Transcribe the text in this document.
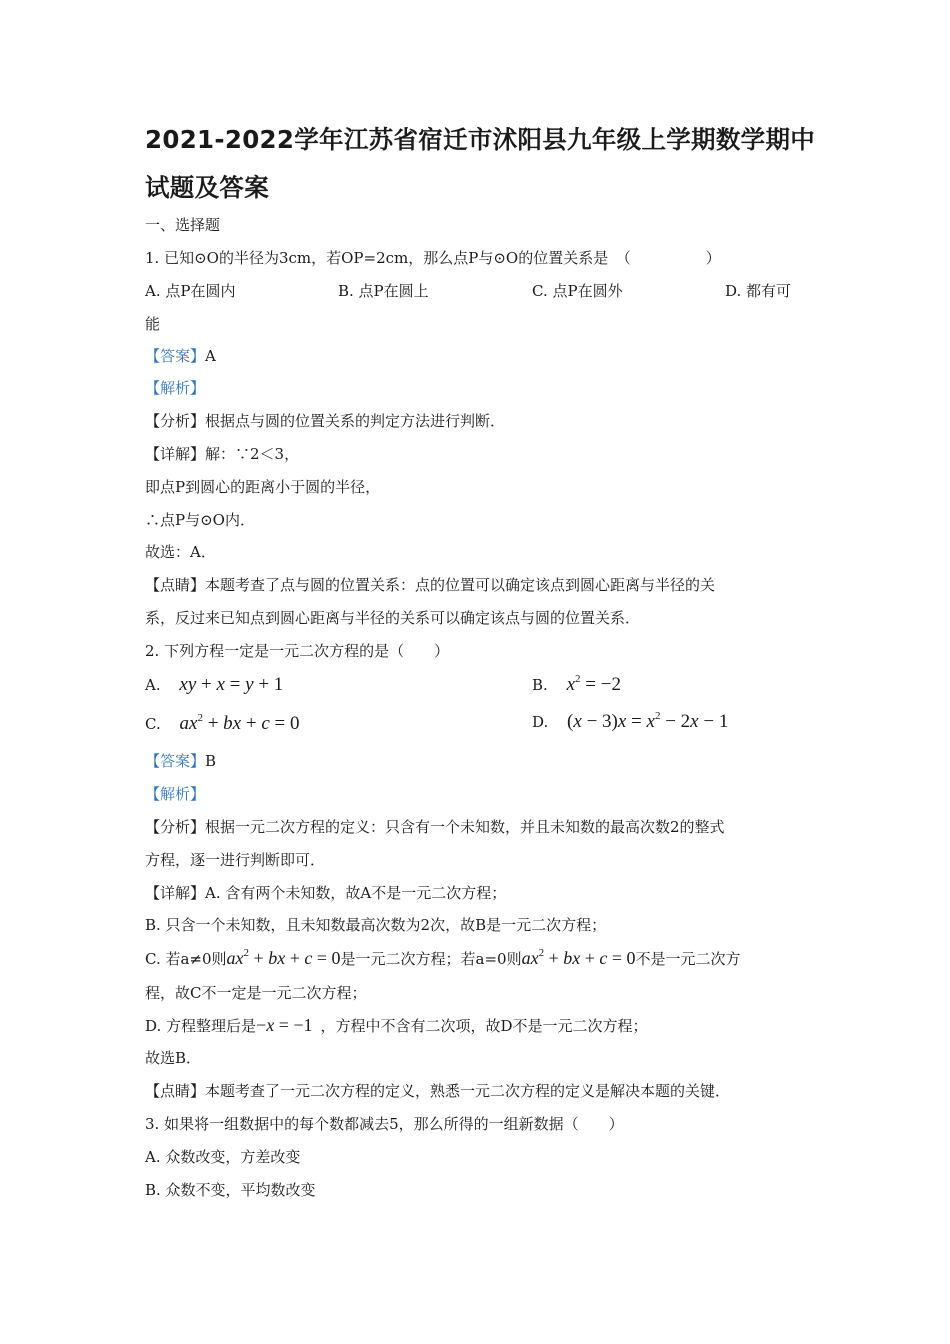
2021-2022学年江苏省宿迁市沭阳县九年级上学期数学期中
试题及答案
一、选择题
1. 已知⊙O的半径为3cm，若OP=2cm，那么点P与⊙O的位置关系是　（　　　　　）
A. 点P在圆内	B. 点P在圆上	C. 点P在圆外	D. 都有可
能
【答案】A
【解析】
【分析】根据点与圆的位置关系的判定方法进行判断．
【详解】解：∵2＜3，
即点P到圆心的距离小于圆的半径，
∴点P与⊙O内．
故选：A．
【点睛】本题考查了点与圆的位置关系：点的位置可以确定该点到圆心距离与半径的关
系，反过来已知点到圆心距离与半径的关系可以确定该点与圆的位置关系．
2. 下列方程一定是一元二次方程的是（　　）
A. xy + x = y + 1	B. $x^2 = -2$
C. $ax^2$ + bx + c = 0	D. $(x - 3)x = x^2 - 2x - 1$
【答案】B
【解析】
【分析】根据一元二次方程的定义：只含有一个未知数，并且未知数的最高次数2的整式
方程，逐一进行判断即可．
【详解】A. 含有两个未知数，故A不是一元二次方程；
B. 只含一个未知数，且未知数最高次数为2次，故B是一元二次方程；
C. 若a≠0则$ax^2$ + bx + c = 0是一元二次方程；若a=0则$ax^2$ + bx + c = 0不是一元二次方
程，故C不一定是一元二次方程；
D. 方程整理后是−x = −1 ，方程中不含有二次项，故D不是一元二次方程；
故选B．
【点睛】本题考查了一元二次方程的定义，熟悉一元二次方程的定义是解决本题的关键．
3. 如果将一组数据中的每个数都减去5，那么所得的一组新数据（　　）
A. 众数改变，方差改变
B. 众数不变，平均数改变
